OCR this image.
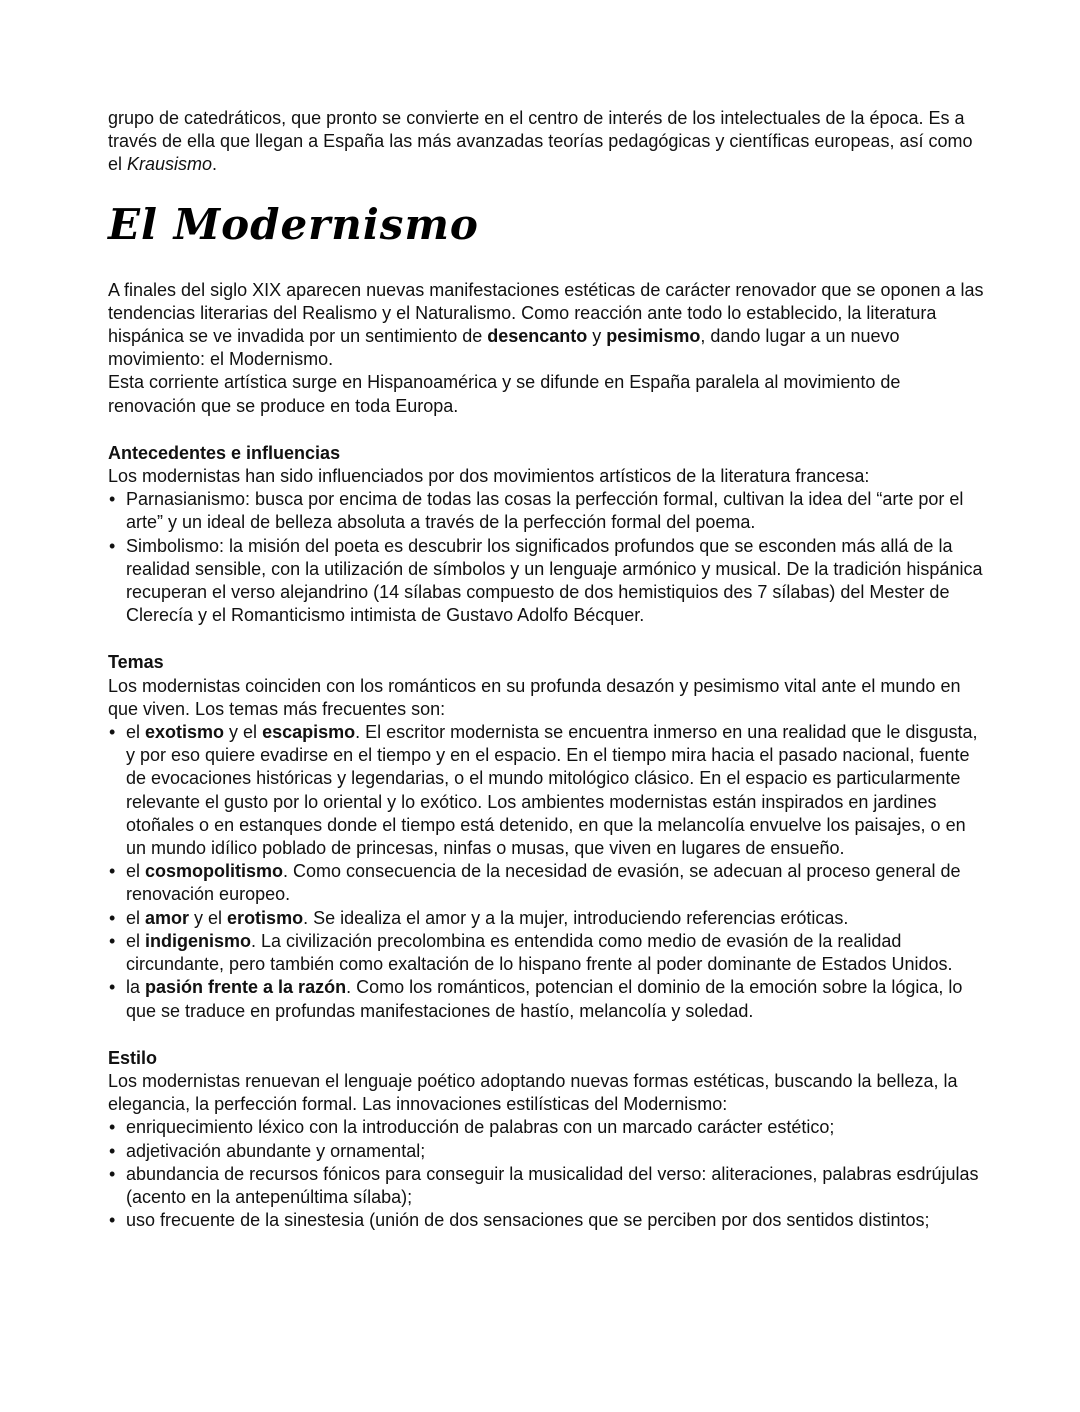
grupo de catedráticos, que pronto se convierte en el centro de interés de los intelectuales de la época. Es a través de ella que llegan a España las más avanzadas teorías pedagógicas y científicas europeas, así como el Krausismo.

El Modernismo

A finales del siglo XIX aparecen nuevas manifestaciones estéticas de carácter renovador que se oponen a las tendencias literarias del Realismo y el Naturalismo. Como reacción ante todo lo establecido, la literatura hispánica se ve invadida por un sentimiento de desencanto y pesimismo, dando lugar a un nuevo movimiento: el Modernismo.

Esta corriente artística surge en Hispanoamérica y se difunde en España paralela al movimiento de renovación que se produce en toda Europa.

Antecedentes e influencias

Los modernistas han sido influenciados por dos movimientos artísticos de la literatura francesa:

• Parnasianismo: busca por encima de todas las cosas la perfección formal, cultivan la idea del “arte por el arte” y un ideal de belleza absoluta a través de la perfección formal del poema.
• Simbolismo: la misión del poeta es descubrir los significados profundos que se esconden más allá de la realidad sensible, con la utilización de símbolos y un lenguaje armónico y musical. De la tradición hispánica recuperan el verso alejandrino (14 sílabas compuesto de dos hemistiquios des 7 sílabas) del Mester de Clerecía y el Romanticismo intimista de Gustavo Adolfo Bécquer.

Temas

Los modernistas coinciden con los románticos en su profunda desazón y pesimismo vital ante el mundo en que viven. Los temas más frecuentes son:

• el exotismo y el escapismo. El escritor modernista se encuentra inmerso en una realidad que le disgusta, y por eso quiere evadirse en el tiempo y en el espacio. En el tiempo mira hacia el pasado nacional, fuente de evocaciones históricas y legendarias, o el mundo mitológico clásico. En el espacio es particularmente relevante el gusto por lo oriental y lo exótico. Los ambientes modernistas están inspirados en jardines otoñales o en estanques donde el tiempo está detenido, en que la melancolía envuelve los paisajes, o en un mundo idílico poblado de princesas, ninfas o musas, que viven en lugares de ensueño.
• el cosmopolitismo. Como consecuencia de la necesidad de evasión, se adecuan al proceso general de renovación europeo.
• el amor y el erotismo. Se idealiza el amor y a la mujer, introduciendo referencias eróticas.
• el indigenismo. La civilización precolombina es entendida como medio de evasión de la realidad circundante, pero también como exaltación de lo hispano frente al poder dominante de Estados Unidos.
• la pasión frente a la razón. Como los románticos, potencian el dominio de la emoción sobre la lógica, lo que se traduce en profundas manifestaciones de hastío, melancolía y soledad.

Estilo

Los modernistas renuevan el lenguaje poético adoptando nuevas formas estéticas, buscando la belleza, la elegancia, la perfección formal. Las innovaciones estilísticas del Modernismo:

• enriquecimiento léxico con la introducción de palabras con un marcado carácter estético;
• adjetivación abundante y ornamental;
• abundancia de recursos fónicos para conseguir la musicalidad del verso: aliteraciones, palabras esdrújulas (acento en la antepenúltima sílaba);
• uso frecuente de la sinestesia (unión de dos sensaciones que se perciben por dos sentidos distintos;
